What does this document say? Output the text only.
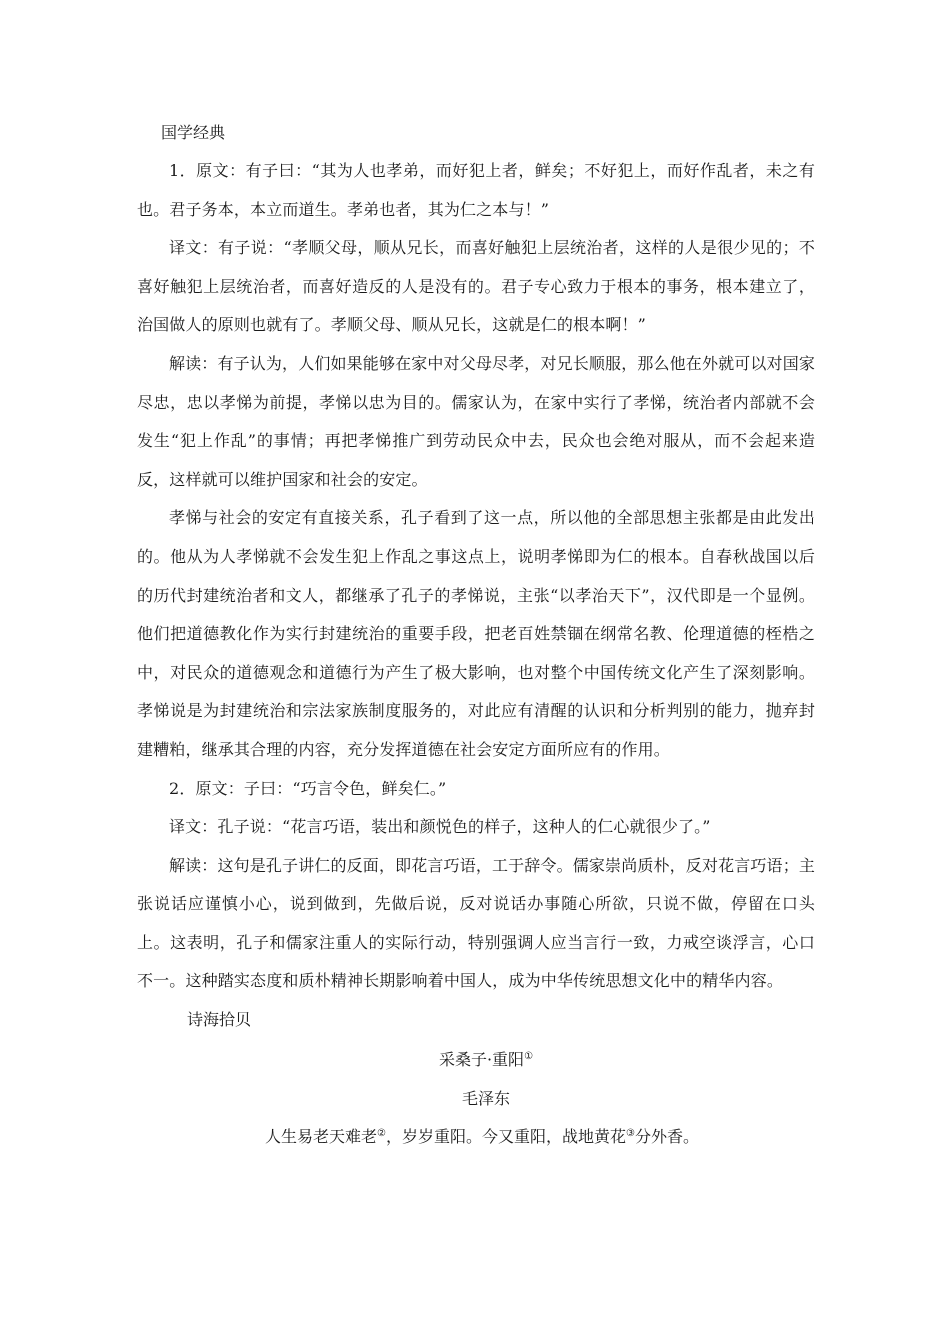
国学经典

1．原文：有子曰：“其为人也孝弟，而好犯上者，鲜矣；不好犯上，而好作乱者，未之有也。君子务本，本立而道生。孝弟也者，其为仁之本与！”

译文：有子说：“孝顺父母，顺从兄长，而喜好触犯上层统治者，这样的人是很少见的；不喜好触犯上层统治者，而喜好造反的人是没有的。君子专心致力于根本的事务，根本建立了，治国做人的原则也就有了。孝顺父母、顺从兄长，这就是仁的根本啊！”

解读：有子认为，人们如果能够在家中对父母尽孝，对兄长顺服，那么他在外就可以对国家尽忠，忠以孝悌为前提，孝悌以忠为目的。儒家认为，在家中实行了孝悌，统治者内部就不会发生“犯上作乱”的事情；再把孝悌推广到劳动民众中去，民众也会绝对服从，而不会起来造反，这样就可以维护国家和社会的安定。

孝悌与社会的安定有直接关系，孔子看到了这一点，所以他的全部思想主张都是由此发出的。他从为人孝悌就不会发生犯上作乱之事这点上，说明孝悌即为仁的根本。自春秋战国以后的历代封建统治者和文人，都继承了孔子的孝悌说，主张“以孝治天下”，汉代即是一个显例。他们把道德教化作为实行封建统治的重要手段，把老百姓禁锢在纲常名教、伦理道德的桎梏之中，对民众的道德观念和道德行为产生了极大影响，也对整个中国传统文化产生了深刻影响。孝悌说是为封建统治和宗法家族制度服务的，对此应有清醒的认识和分析判别的能力，抛弃封建糟粕，继承其合理的内容，充分发挥道德在社会安定方面所应有的作用。

2．原文：子曰：“巧言令色，鲜矣仁。”

译文：孔子说：“花言巧语，装出和颜悦色的样子，这种人的仁心就很少了。”

解读：这句是孔子讲仁的反面，即花言巧语，工于辞令。儒家崇尚质朴，反对花言巧语；主张说话应谨慎小心，说到做到，先做后说，反对说话办事随心所欲，只说不做，停留在口头上。这表明，孔子和儒家注重人的实际行动，特别强调人应当言行一致，力戒空谈浮言，心口不一。这种踏实态度和质朴精神长期影响着中国人，成为中华传统思想文化中的精华内容。

诗海拾贝

采桑子·重阳①

毛泽东

人生易老天难老②，岁岁重阳。今又重阳，战地黄花③分外香。
